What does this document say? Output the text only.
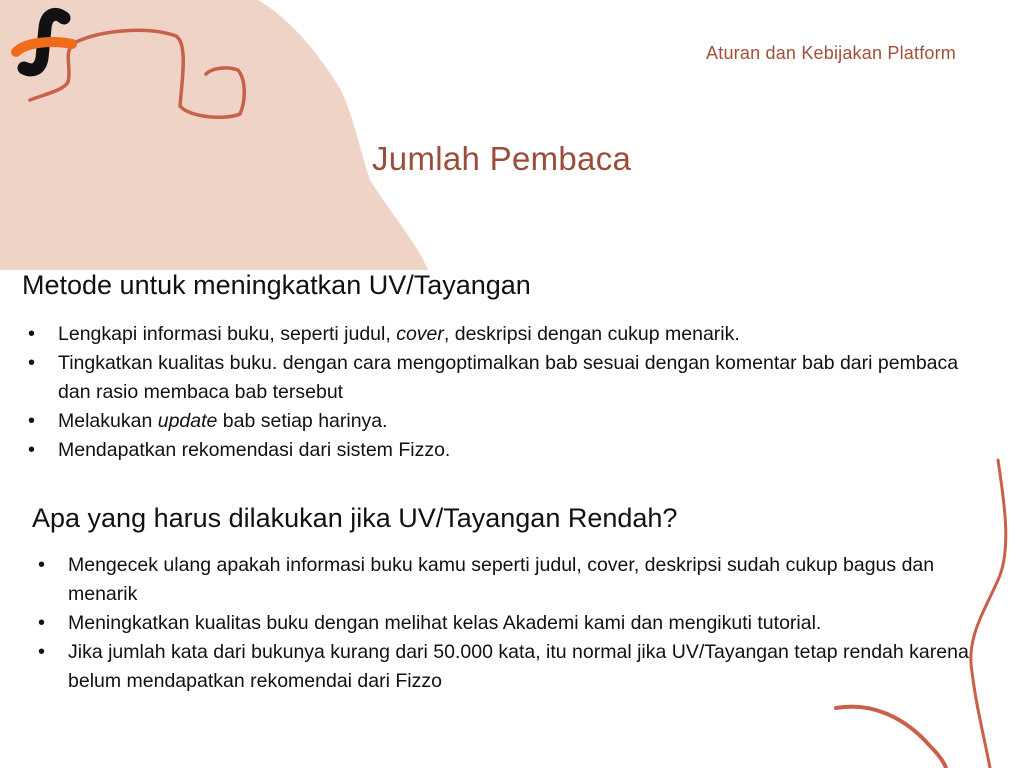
Aturan dan Kebijakan Platform
Jumlah Pembaca
Metode untuk meningkatkan UV/Tayangan
• Lengkapi informasi buku, seperti judul, cover, deskripsi dengan cukup menarik.
• Tingkatkan kualitas buku. dengan cara mengoptimalkan bab sesuai dengan komentar bab dari pembaca dan rasio membaca bab tersebut
• Melakukan update bab setiap harinya.
• Mendapatkan rekomendasi dari sistem Fizzo.
Apa yang harus dilakukan jika UV/Tayangan Rendah?
• Mengecek ulang apakah informasi buku kamu seperti judul, cover, deskripsi sudah cukup bagus dan menarik
• Meningkatkan kualitas buku dengan melihat kelas Akademi kami dan mengikuti tutorial.
• Jika jumlah kata dari bukunya kurang dari 50.000 kata, itu normal jika UV/Tayangan tetap rendah karena belum mendapatkan rekomendai dari Fizzo
